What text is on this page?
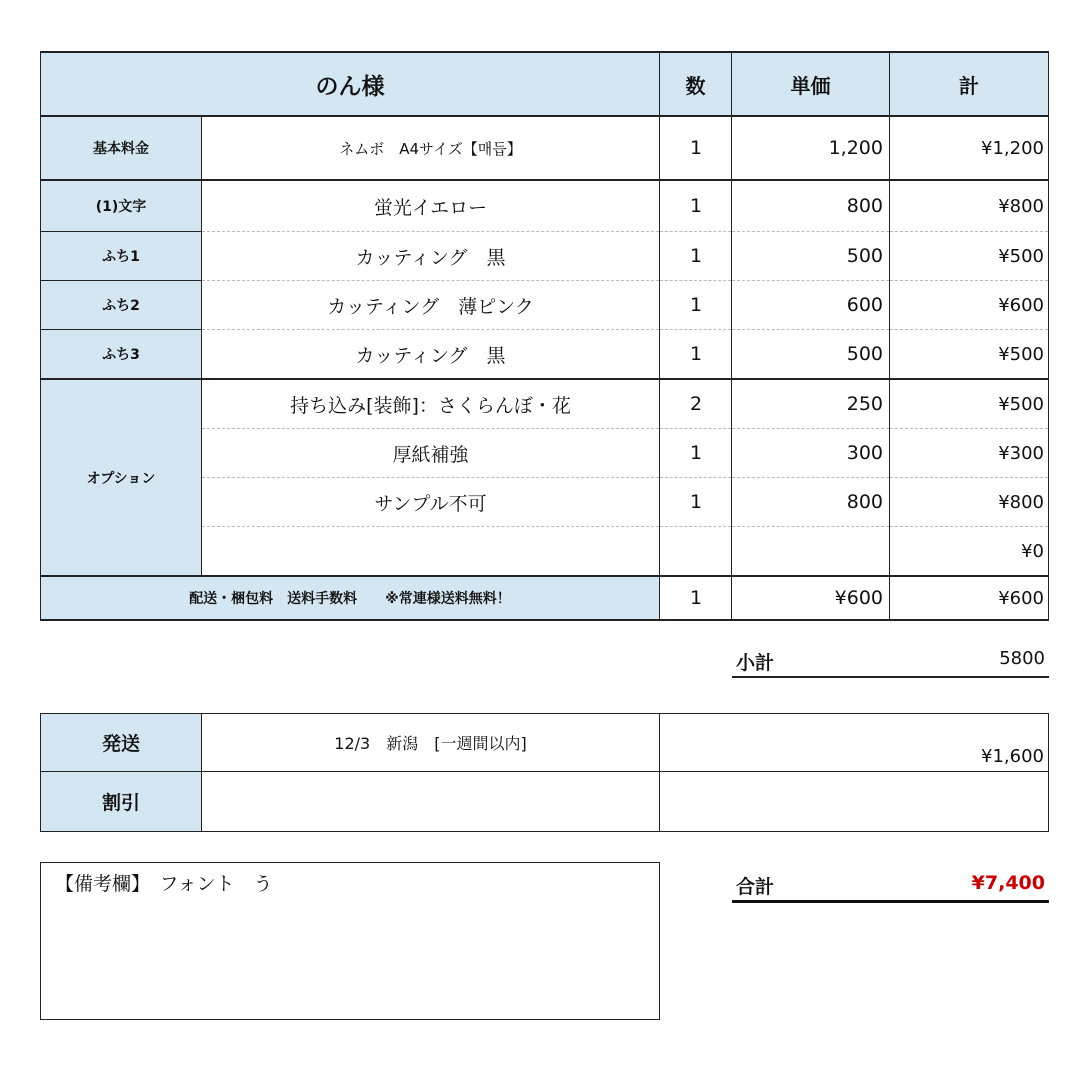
のん様		数	単価	計
基本料金	ネムボ　A4サイズ【매듭】	1	1,200	¥1,200
(1)文字	蛍光イエロー	1	800	¥800
ふち1	カッティング　黒	1	500	¥500
ふち2	カッティング　薄ピンク	1	600	¥600
ふち3	カッティング　黒	1	500	¥500
オプション	持ち込み[装飾]：さくらんぼ・花	2	250	¥500
	厚紙補強	1	300	¥300
	サンプル不可	1	800	¥800
				¥0
配送・梱包料　送料手数料　　※常連様送料無料！		1	¥600	¥600
小計	5800
発送	12/3　新潟　[一週間以内]	¥1,600
割引		
【備考欄】　フォント　う	合計	¥7,400
